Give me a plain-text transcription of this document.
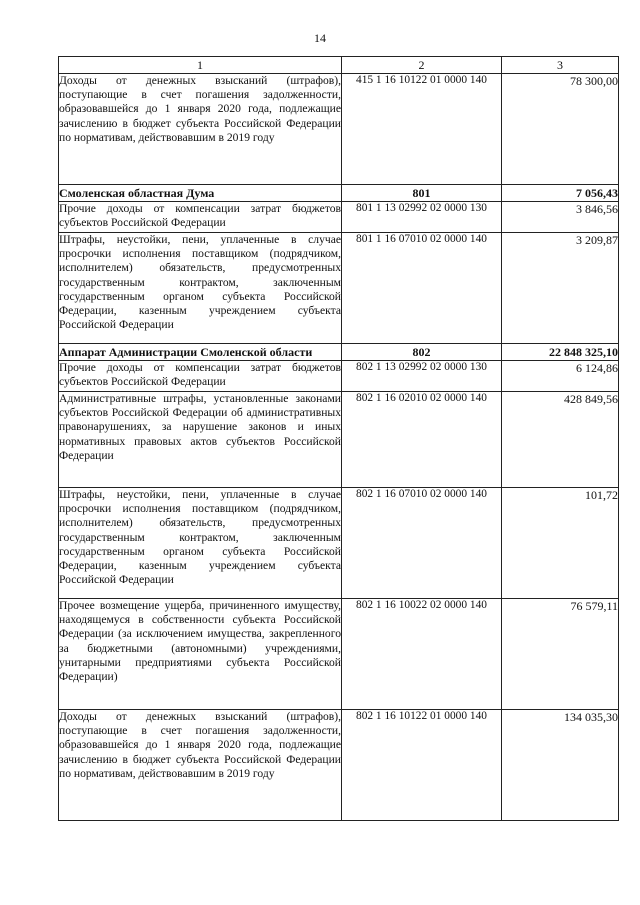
14
1	2	3

Доходы от денежных взысканий (штрафов), поступающие в счет погашения задолженности, образовавшейся до 1 января 2020 года, подлежащие зачислению в бюджет субъекта Российской Федерации по нормативам, действовавшим в 2019 году	415 1 16 10122 01 0000 140	78 300,00
Смоленская областная Дума	801	7 056,43

Прочие доходы от компенсации затрат бюджетов субъектов Российской Федерации	801 1 13 02992 02 0000 130	3 846,56

Штрафы, неустойки, пени, уплаченные в случае просрочки исполнения поставщиком (подрядчиком, исполнителем) обязательств, предусмотренных государственным контрактом, заключенным государственным органом субъекта Российской Федерации, казенным учреждением субъекта Российской Федерации	801 1 16 07010 02 0000 140	3 209,87
Аппарат Администрации Смоленской области	802	22 848 325,10

Прочие доходы от компенсации затрат бюджетов субъектов Российской Федерации	802 1 13 02992 02 0000 130	6 124,86

Административные штрафы, установленные законами субъектов Российской Федерации об административных правонарушениях, за нарушение законов и иных нормативных правовых актов субъектов Российской Федерации	802 1 16 02010 02 0000 140	428 849,56

Штрафы, неустойки, пени, уплаченные в случае просрочки исполнения поставщиком (подрядчиком, исполнителем) обязательств, предусмотренных государственным контрактом, заключенным государственным органом субъекта Российской Федерации, казенным учреждением субъекта Российской Федерации	802 1 16 07010 02 0000 140	101,72

Прочее возмещение ущерба, причиненного имуществу, находящемуся в собственности субъекта Российской Федерации (за исключением имущества, закрепленного за бюджетными (автономными) учреждениями, унитарными предприятиями субъекта Российской Федерации)	802 1 16 10022 02 0000 140	76 579,11

Доходы от денежных взысканий (штрафов), поступающие в счет погашения задолженности, образовавшейся до 1 января 2020 года, подлежащие зачислению в бюджет субъекта Российской Федерации по нормативам, действовавшим в 2019 году	802 1 16 10122 01 0000 140	134 035,30
